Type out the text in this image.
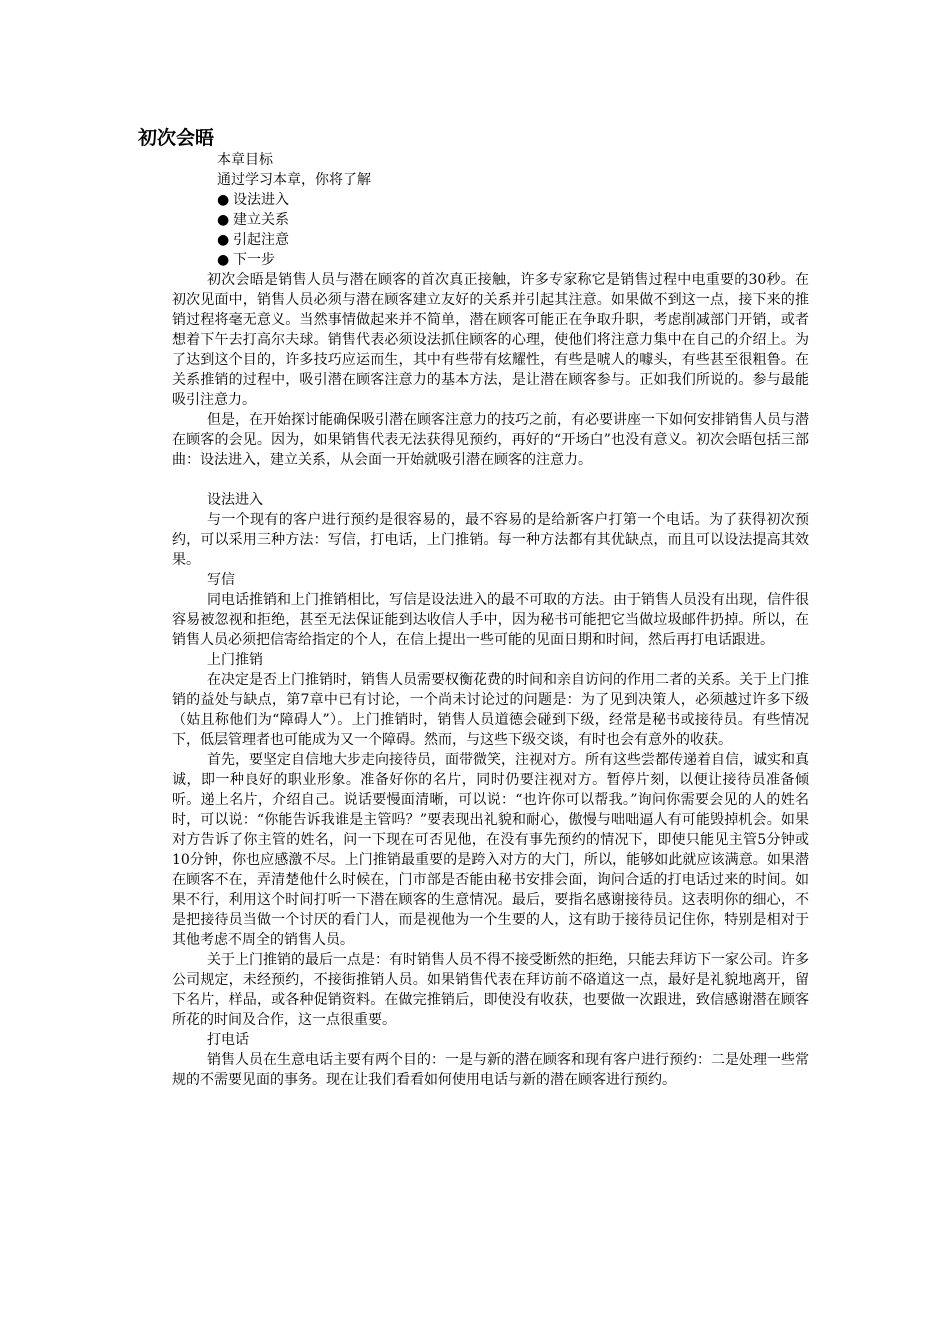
初次会晤
本章目标
通过学习本章，你将了解
● 设法进入
● 建立关系
● 引起注意
● 下一步

初次会晤是销售人员与潜在顾客的首次真正接触，许多专家称它是销售过程中电重要的30秒。在初次见面中，销售人员必须与潜在顾客建立友好的关系并引起其注意。如果做不到这一点，接下来的推销过程将毫无意义。当然事情做起来并不简单，潜在顾客可能正在争取升职，考虑削减部门开销，或者想着下午去打高尔夫球。销售代表必须设法抓住顾客的心理，使他们将注意力集中在自己的介绍上。为了达到这个目的，许多技巧应运而生，其中有些带有炫耀性，有些是唬人的噱头，有些甚至很粗鲁。在关系推销的过程中，吸引潜在顾客注意力的基本方法，是让潜在顾客参与。正如我们所说的。参与最能吸引注意力。

但是，在开始探讨能确保吸引潜在顾客注意力的技巧之前，有必要讲座一下如何安排销售人员与潜在顾客的会见。因为，如果销售代表无法获得见预约，再好的“开场白”也没有意义。初次会晤包括三部曲：设法进入，建立关系，从会面一开始就吸引潜在顾客的注意力。

设法进入

与一个现有的客户进行预约是很容易的，最不容易的是给新客户打第一个电话。为了获得初次预约，可以采用三种方法：写信，打电话，上门推销。每一种方法都有其优缺点，而且可以设法提高其效果。

写信

同电话推销和上门推销相比，写信是设法进入的最不可取的方法。由于销售人员没有出现，信件很容易被忽视和拒绝，甚至无法保证能到达收信人手中，因为秘书可能把它当做垃圾邮件扔掉。所以，在销售人员必须把信寄给指定的个人，在信上提出一些可能的见面日期和时间，然后再打电话跟进。

上门推销

在决定是否上门推销时，销售人员需要权衡花费的时间和亲自访问的作用二者的关系。关于上门推销的益处与缺点，第7章中已有讨论，一个尚未讨论过的问题是：为了见到决策人，必须越过许多下级（姑且称他们为“障碍人”）。上门推销时，销售人员道德会碰到下级，经常是秘书或接待员。有些情况下，低层管理者也可能成为又一个障碍。然而，与这些下级交谈，有时也会有意外的收获。

首先，要坚定自信地大步走向接待员，面带微笑，注视对方。所有这些尝都传递着自信，诚实和真诚，即一种良好的职业形象。准备好你的名片，同时仍要注视对方。暂停片刻，以便让接待员准备倾听。递上名片，介绍自己。说话要慢面清晰，可以说：“也许你可以帮我。”询问你需要会见的人的姓名时，可以说：“你能告诉我谁是主管吗？”要表现出礼貌和耐心，傲慢与咄咄逼人有可能毁掉机会。如果对方告诉了你主管的姓名，问一下现在可否见他，在没有事先预约的情况下，即使只能见主管5分钟或10分钟，你也应感激不尽。上门推销最重要的是跨入对方的大门，所以，能够如此就应该满意。如果潜在顾客不在，弄清楚他什么时候在，门市部是否能由秘书安排会面，询问合适的打电话过来的时间。如果不行，利用这个时间打听一下潜在顾客的生意情况。最后，要指名感谢接待员。这表明你的细心，不是把接待员当做一个讨厌的看门人，而是视他为一个生要的人，这有助于接待员记住你，特别是相对于其他考虑不周全的销售人员。

关于上门推销的最后一点是：有时销售人员不得不接受断然的拒绝，只能去拜访下一家公司。许多公司规定，未经预约，不接街推销人员。如果销售代表在拜访前不硌道这一点，最好是礼貌地离开，留下名片，样品，或各种促销资料。在做完推销后，即使没有收获，也要做一次跟进，致信感谢潜在顾客所花的时间及合作，这一点很重要。

打电话

销售人员在生意电话主要有两个目的：一是与新的潜在顾客和现有客户进行预约：二是处理一些常规的不需要见面的事务。现在让我们看看如何使用电话与新的潜在顾客进行预约。
